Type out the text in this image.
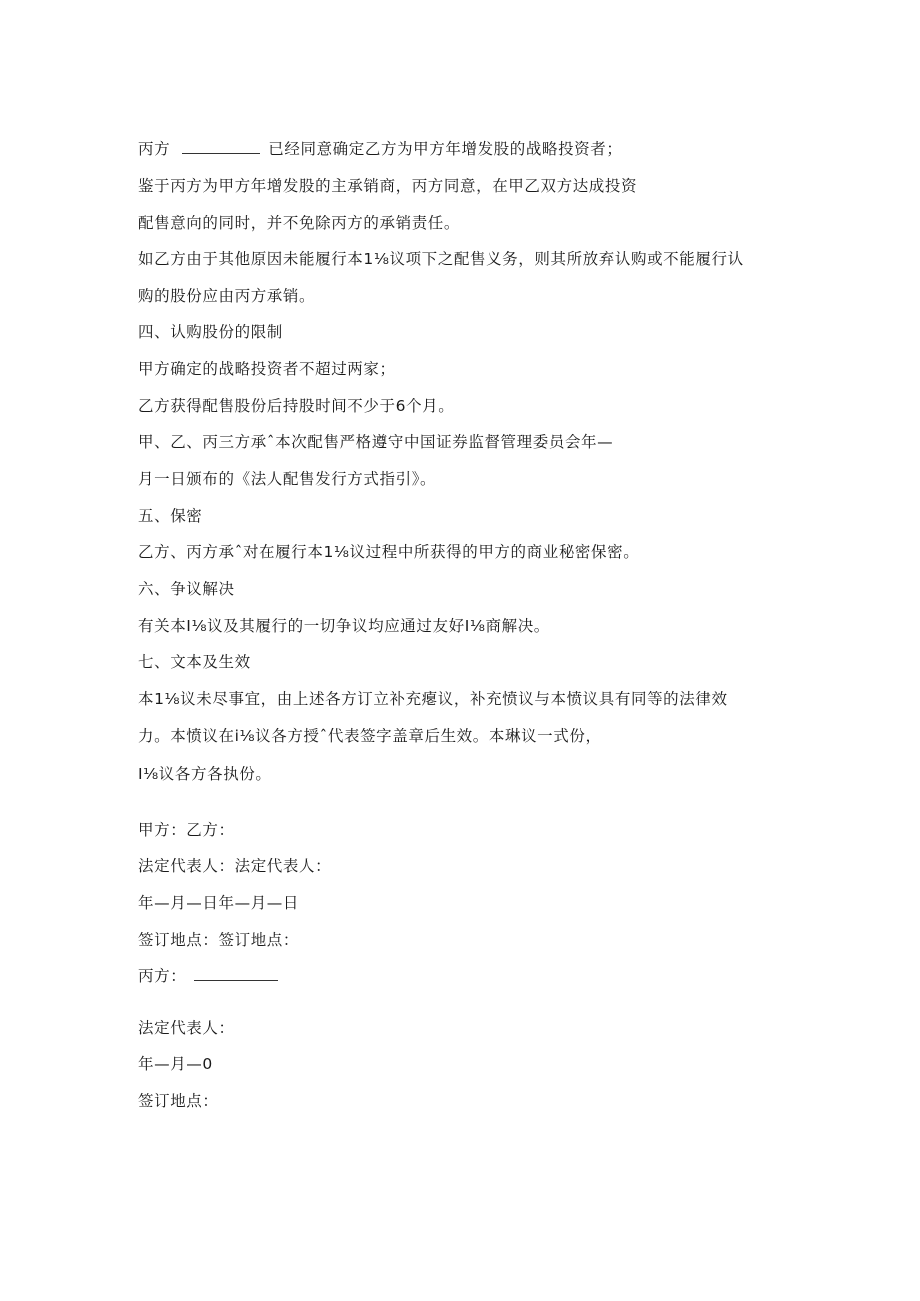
丙方	已经同意确定乙方为甲方年增发股的战略投资者；
鉴于丙方为甲方年增发股的主承销商，丙方同意，在甲乙双方达成投资
配售意向的同时，并不免除丙方的承销责任。
如乙方由于其他原因未能履行本1⅛议项下之配售义务，则其所放弃认购或不能履行认
购的股份应由丙方承销。
四、认购股份的限制
甲方确定的战略投资者不超过两家；
乙方获得配售股份后持股时间不少于6个月。
甲、乙、丙三方承ˆ本次配售严格遵守中国证券监督管理委员会年—
月一日颁布的《法人配售发行方式指引》。
五、保密
乙方、丙方承ˆ对在履行本1⅛议过程中所获得的甲方的商业秘密保密。
六、争议解决
有关本I⅛议及其履行的一切争议均应通过友好I⅛商解决。
七、文本及生效
本1⅛议未尽事宜，由上述各方订立补充瘪议，补充愤议与本愤议具有同等的法律效
力。本愤议在i⅛议各方授ˆ代表签字盖章后生效。本琳议一式份，
I⅛议各方各执份。
甲方：乙方：
法定代表人：法定代表人：
年—月—日年—月—日
签订地点：签订地点：
丙方：
法定代表人：
年—月—0
签订地点：
